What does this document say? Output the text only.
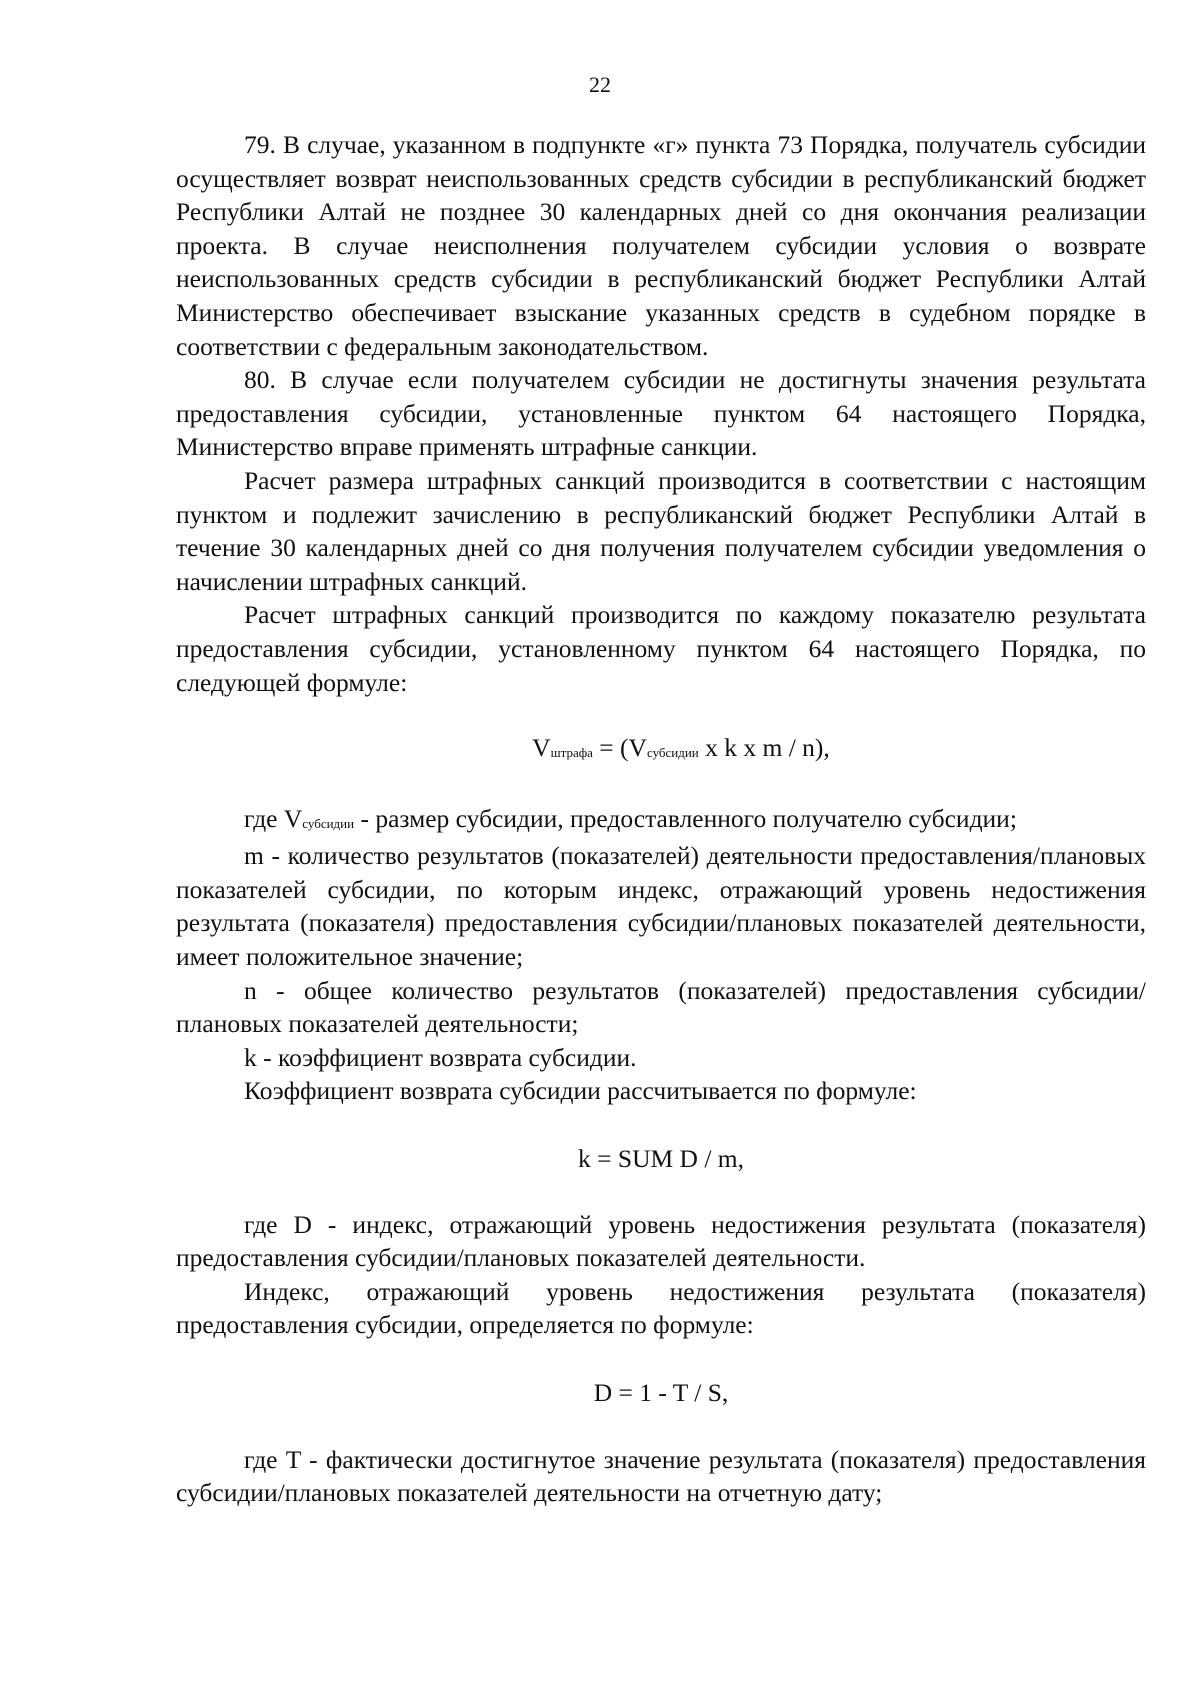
22

79. В случае, указанном в подпункте «г» пункта 73 Порядка, получатель субсидии осуществляет возврат неиспользованных средств субсидии в республиканский бюджет Республики Алтай не позднее 30 календарных дней со дня окончания реализации проекта. В случае неисполнения получателем субсидии условия о возврате неиспользованных средств субсидии в республиканский бюджет Республики Алтай Министерство обеспечивает взыскание указанных средств в судебном порядке в соответствии с федеральным законодательством.

80. В случае если получателем субсидии не достигнуты значения результата предоставления субсидии, установленные пунктом 64 настоящего Порядка, Министерство вправе применять штрафные санкции.

Расчет размера штрафных санкций производится в соответствии с настоящим пунктом и подлежит зачислению в республиканский бюджет Республики Алтай в течение 30 календарных дней со дня получения получателем субсидии уведомления о начислении штрафных санкций.

Расчет штрафных санкций производится по каждому показателю результата предоставления субсидии, установленному пунктом 64 настоящего Порядка, по следующей формуле:

Vштрафа = (Vсубсидии x k x m / n),

где Vсубсидии - размер субсидии, предоставленного получателю субсидии;

m - количество результатов (показателей) деятельности предоставления/плановых показателей субсидии, по которым индекс, отражающий уровень недостижения результата (показателя) предоставления субсидии/плановых показателей деятельности, имеет положительное значение;

n - общее количество результатов (показателей) предоставления субсидии/плановых показателей деятельности;

k - коэффициент возврата субсидии.

Коэффициент возврата субсидии рассчитывается по формуле:

k = SUM D / m,

где D - индекс, отражающий уровень недостижения результата (показателя) предоставления субсидии/плановых показателей деятельности.

Индекс, отражающий уровень недостижения результата (показателя) предоставления субсидии, определяется по формуле:

D = 1 - T / S,

где T - фактически достигнутое значение результата (показателя) предоставления субсидии/плановых показателей деятельности на отчетную дату;
